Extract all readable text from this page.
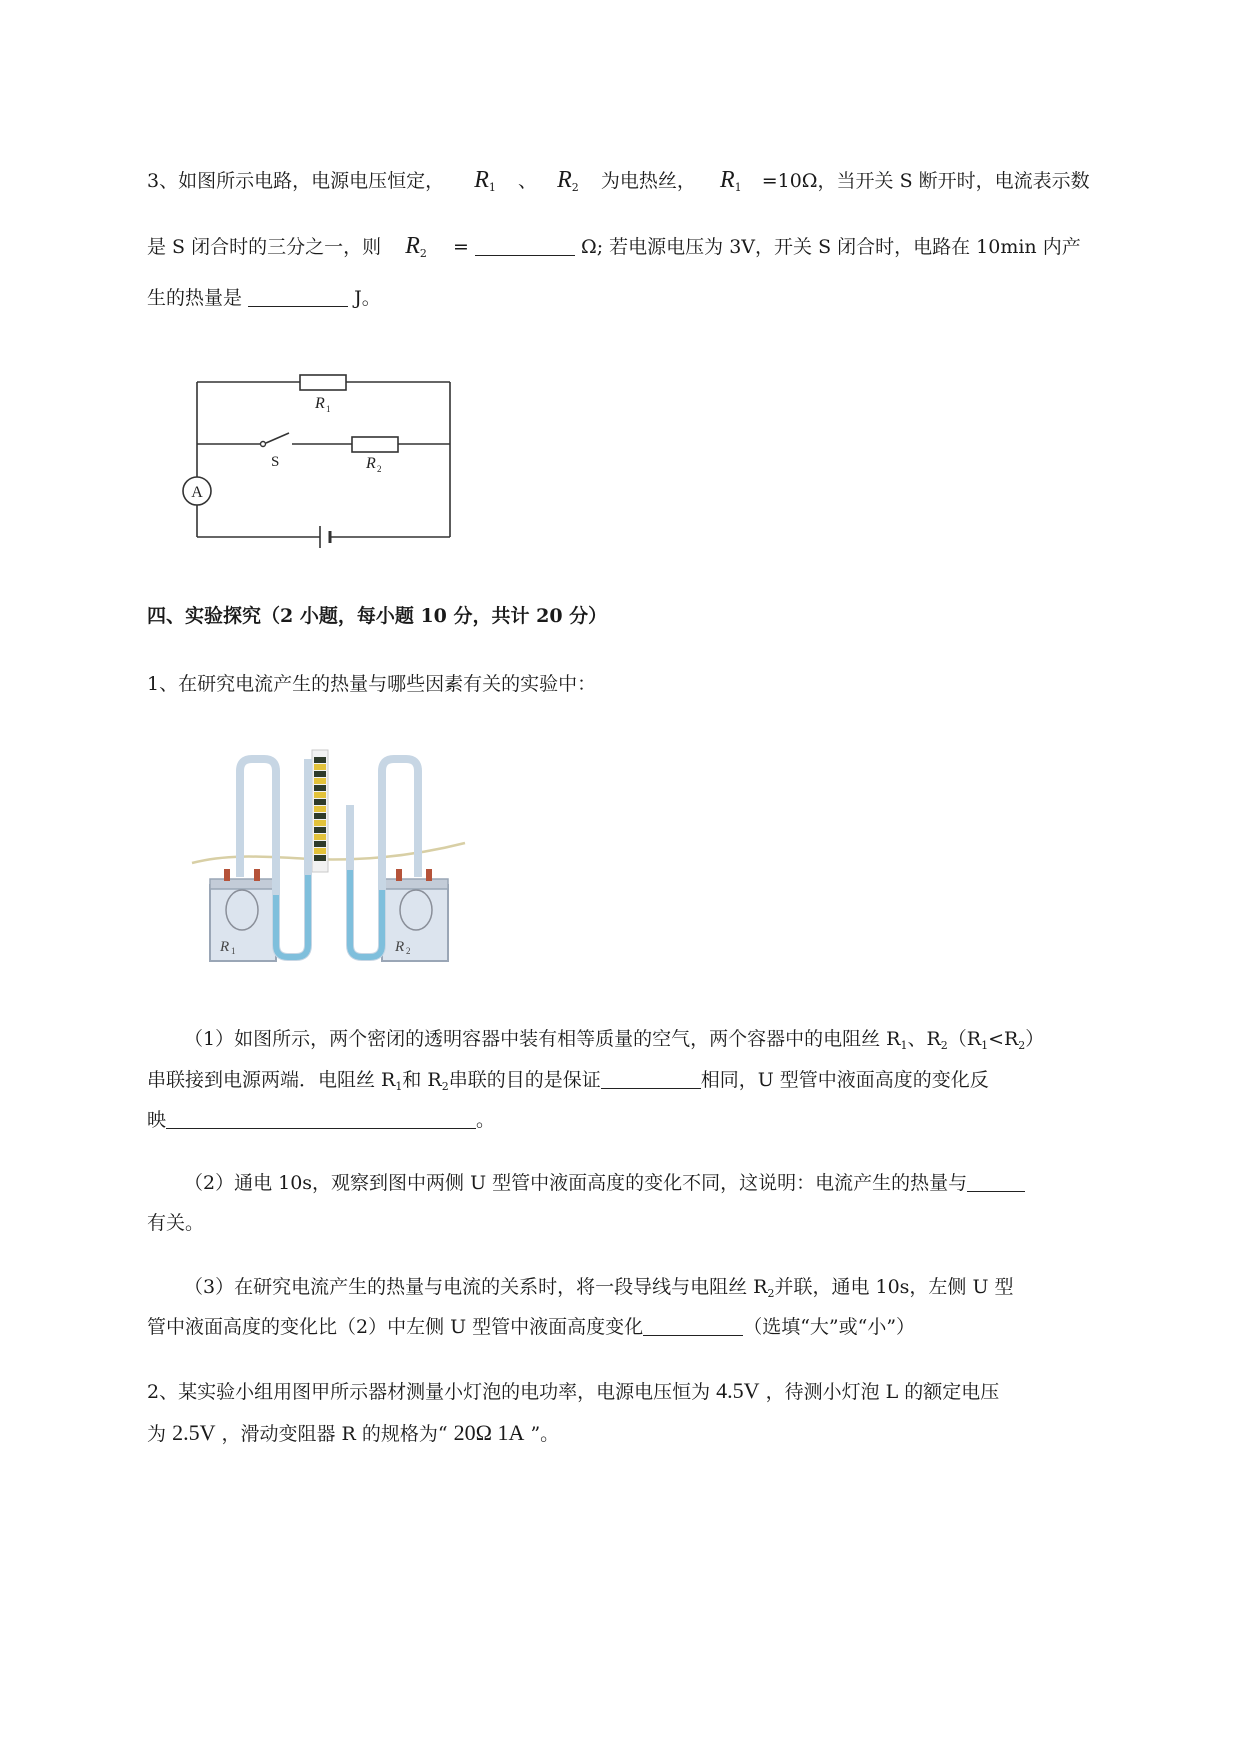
3、如图所示电路，电源电压恒定， $R_1$ 、 $R_2$ 为电热丝， $R_1 =10\Omega$，当开关 S 断开时，电流表示数
是 S 闭合时的三分之一，则 $R_2$ =	Ω; 若电源电压为 3V，开关 S 闭合时，电路在 10min 内产
生的热量是	J。
A
R 1
R 2
S
四、实验探究（2 小题，每小题 10 分，共计 20 分）
1、在研究电流产生的热量与哪些因素有关的实验中：
R 1	R 2
（1）如图所示，两个密闭的透明容器中装有相等质量的空气，两个容器中的电阻丝 $R_1$、$R_2(R_1<R_2)$
串联接到电源两端．电阻丝 $R_1$和 $R_2$串联的目的是保证	相同，U 型管中液面高度的变化反
映	。
（2）通电 10s，观察到图中两侧 U 型管中液面高度的变化不同，这说明：电流产生的热量与
有关。
（3）在研究电流产生的热量与电流的关系时，将一段导线与电阻丝 $R_2$并联，通电 10s，左侧 U 型
管中液面高度的变化比（2）中左侧 U 型管中液面高度变化	（选填“大”或“小”）
2、某实验小组用图甲所示器材测量小灯泡的电功率，电源电压恒为 4.5V ，待测小灯泡 L 的额定电压
为 2.5V ，滑动变阻器 R 的规格为“ 20Ω 1A ”。
